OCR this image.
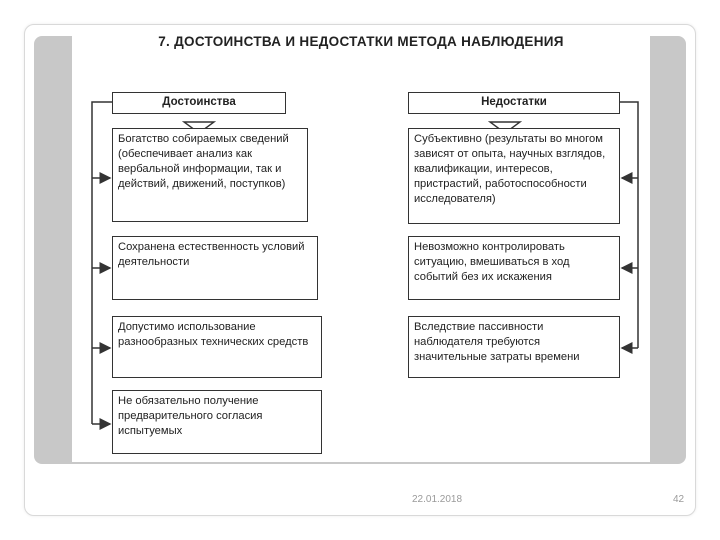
7. ДОСТОИНСТВА И НЕДОСТАТКИ МЕТОДА НАБЛЮДЕНИЯ
Достоинства	Недостатки
Богатство собираемых сведений (обеспечивает анализ как вербальной информации, так и действий, движений, поступков)
Сохранена естественность условий деятельности
Допустимо использование разнообразных технических средств
Не обязательно получение предварительного согласия испытуемых
Субъективно (результаты во многом зависят от опыта, научных взглядов, квалификации, интересов, пристрастий, работоспособности исследователя)
Невозможно контролировать ситуацию, вмешиваться в ход событий без их искажения
Вследствие пассивности наблюдателя требуются значительные затраты времени
22.01.2018	42
